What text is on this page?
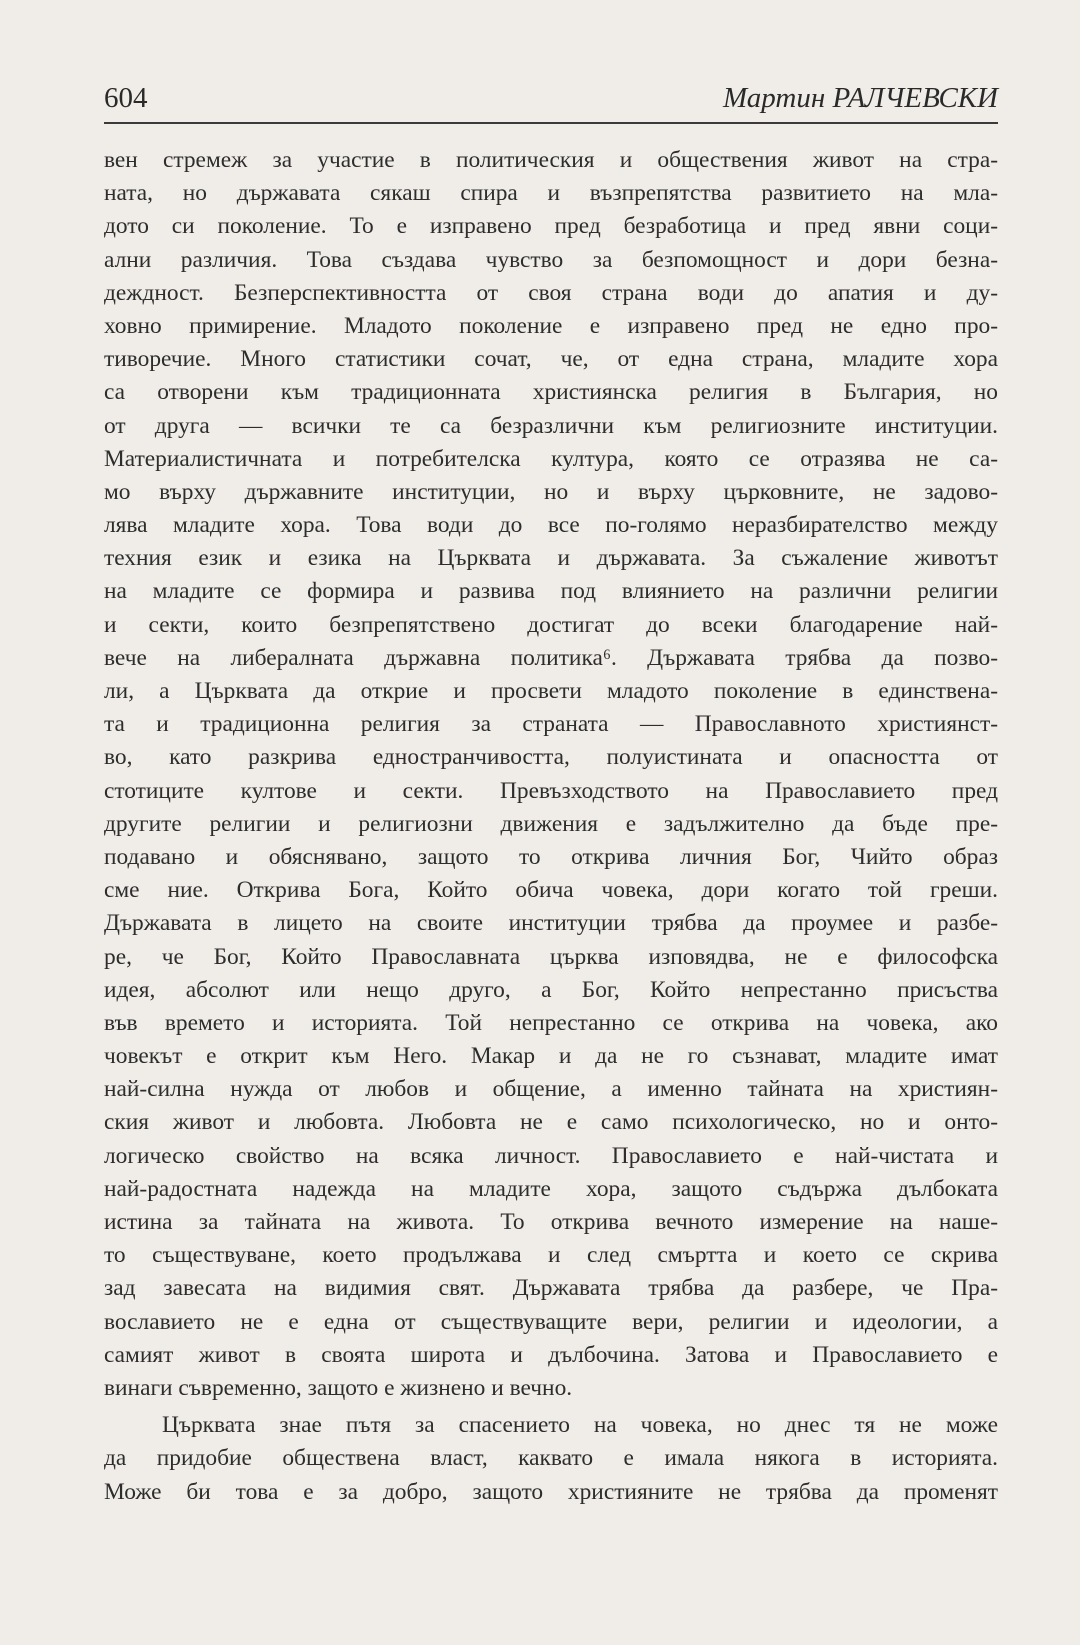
604	Мартин РАЛЧЕВСКИ
вен стремеж за участие в политическия и обществения живот на стра-
ната, но държавата сякаш спира и възпрепятства развитието на мла-
дото си поколение. То е изправено пред безработица и пред явни соци-
ални различия. Това създава чувство за безпомощност и дори безна-
деждност. Безперспективността от своя страна води до апатия и ду-
ховно примирение. Младото поколение е изправено пред не едно про-
тиворечие. Много статистики сочат, че, от една страна, младите хора
са отворени към традиционната християнска религия в България, но
от друга — всички те са безразлични към религиозните институции.
Материалистичната и потребителска култура, която се отразява не са-
мо върху държавните институции, но и върху църковните, не задово-
лява младите хора. Това води до все по-голямо неразбирателство между
техния език и езика на Църквата и държавата. За съжаление животът
на младите се формира и развива под влиянието на различни религии
и секти, които безпрепятствено достигат до всеки благодарение най-
вече на либералната държавна политика⁶. Държавата трябва да позво-
ли, а Църквата да открие и просвети младото поколение в единствена-
та и традиционна религия за страната — Православното християнст-
во, като разкрива едностранчивостта, полуистината и опасността от
стотиците култове и секти. Превъзходството на Православието пред
другите религии и религиозни движения е задължително да бъде пре-
подавано и обяснявано, защото то открива личния Бог, Чийто образ
сме ние. Открива Бога, Който обича човека, дори когато той греши.
Държавата в лицето на своите институции трябва да проумее и разбе-
ре, че Бог, Който Православната църква изповядва, не е философска
идея, абсолют или нещо друго, а Бог, Който непрестанно присъства
във времето и историята. Той непрестанно се открива на човека, ако
човекът е открит към Него. Макар и да не го съзнават, младите имат
най-силна нужда от любов и общение, а именно тайната на християн-
ския живот и любовта. Любовта не е само психологическо, но и онто-
логическо свойство на всяка личност. Православието е най-чистата и
най-радостната надежда на младите хора, защото съдържа дълбоката
истина за тайната на живота. То открива вечното измерение на наше-
то съществуване, което продължава и след смъртта и което се скрива
зад завесата на видимия свят. Държавата трябва да разбере, че Пра-
вославието не е една от съществуващите вери, религии и идеологии, а
самият живот в своята широта и дълбочина. Затова и Православието е
винаги съвременно, защото е жизнено и вечно.
Църквата знае пътя за спасението на човека, но днес тя не може
да придобие обществена власт, каквато е имала някога в историята.
Може би това е за добро, защото християните не трябва да променят
